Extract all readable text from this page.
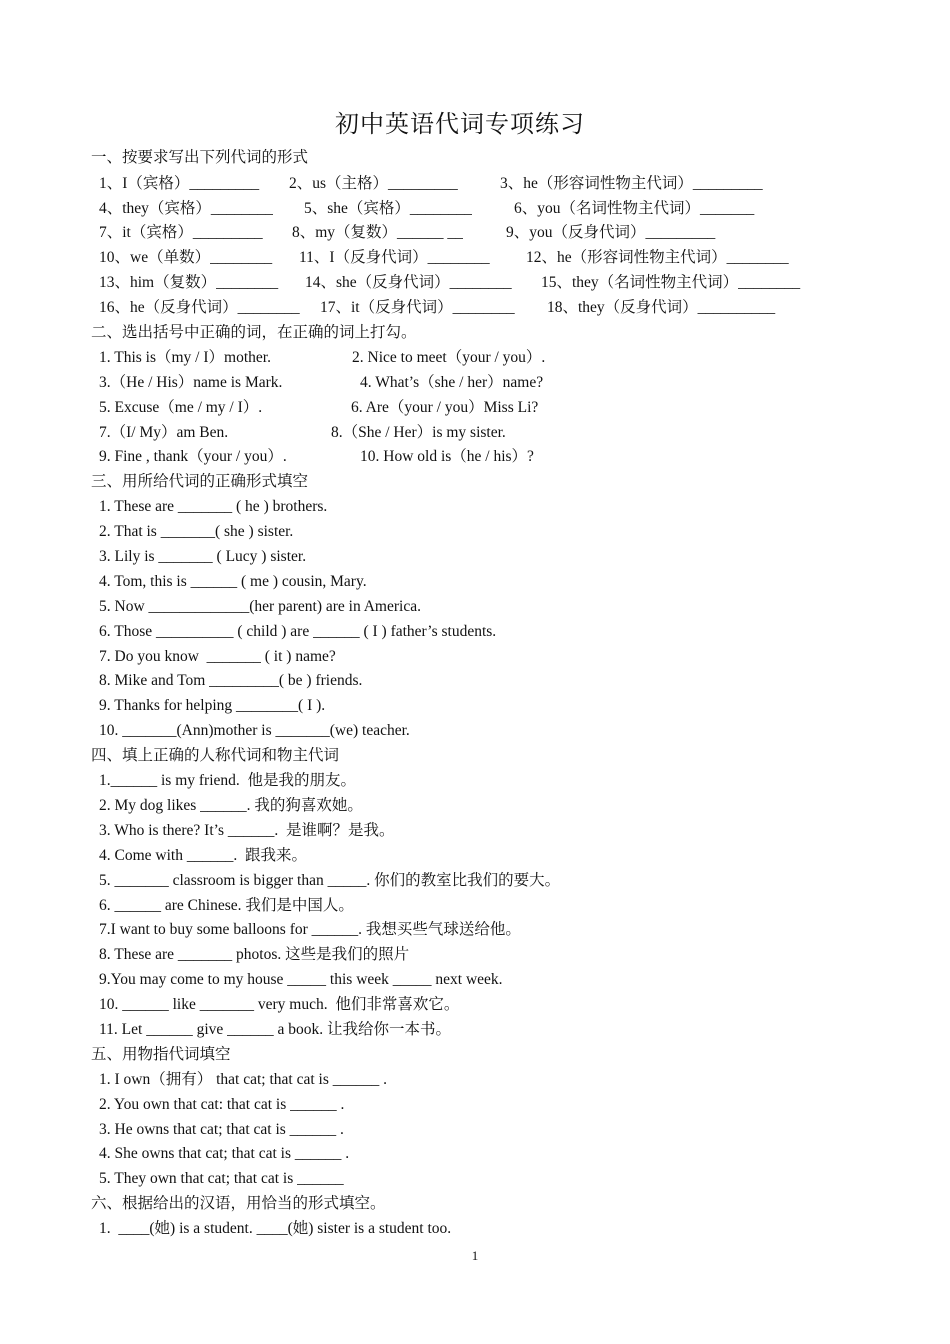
初中英语代词专项练习
一、按要求写出下列代词的形式
1、I（宾格）_________ 2、us（主格）_________	3、he（形容词性物主代词）_________
4、they（宾格）________ 5、she（宾格）________	6、you（名词性物主代词）_______
7、it（宾格）_________ 8、my（复数）______ __	9、you（反身代词）_________
10、we（单数）________ 11、I（反身代词）________ 12、he（形容词性物主代词）________
13、him（复数）________ 14、she（反身代词）________ 15、they（名词性物主代词）________
16、he（反身代词）________ 17、it（反身代词）________ 18、they（反身代词）__________
二、选出括号中正确的词，在正确的词上打勾。
1. This is（my / I）mother.	2. Nice to meet（your / you）.
3.（He / His）name is Mark.	4. What’s（she / her）name?
5. Excuse（me / my / I）.	6. Are（your / you）Miss Li?
7.（I/ My）am Ben.	8.（She / Her）is my sister.
9. Fine , thank（your / you）.	10. How old is（he / his）?
三、用所给代词的正确形式填空
1. These are _______ ( he ) brothers.
2. That is _______( she ) sister.
3. Lily is _______ ( Lucy ) sister.
4. Tom, this is ______ ( me ) cousin, Mary.
5. Now _____________(her parent) are in America.
6. Those __________ ( child ) are ______ ( I ) father’s students.
7. Do you know  _______ ( it ) name?
8. Mike and Tom _________( be ) friends.
9. Thanks for helping ________( I ).
10. _______(Ann)mother is _______(we) teacher.
四、填上正确的人称代词和物主代词
1.______ is my friend.  他是我的朋友。
2. My dog likes ______. 我的狗喜欢她。
3. Who is there? It’s ______.  是谁啊？是我。
4. Come with ______.  跟我来。
5. _______ classroom is bigger than _____. 你们的教室比我们的要大。
6. ______ are Chinese. 我们是中国人。
7.I want to buy some balloons for ______. 我想买些气球送给他。
8. These are _______ photos. 这些是我们的照片
9.You may come to my house _____ this week _____ next week.
10. ______ like _______ very much.  他们非常喜欢它。
11. Let ______ give ______ a book. 让我给你一本书。
五、用物指代词填空
1. I own（拥有） that cat; that cat is ______ .
2. You own that cat: that cat is ______ .
3. He owns that cat; that cat is ______ .
4. She owns that cat; that cat is ______ .
5. They own that cat; that cat is ______
六、根据给出的汉语，用恰当的形式填空。
1.  ____(她) is a student. ____(她) sister is a student too.
1
